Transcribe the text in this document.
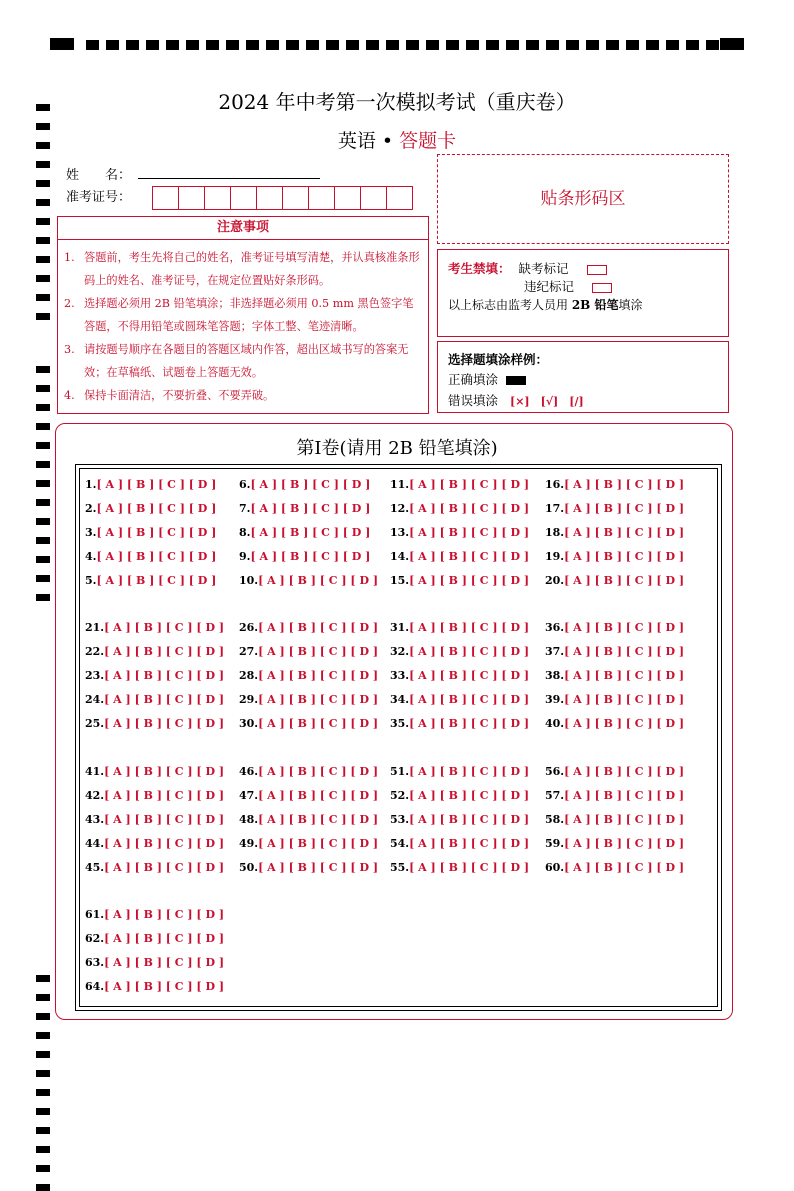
2024 年中考第一次模拟考试（重庆卷）
英语 • 答题卡
姓　　名：
准考证号：
注意事项
1. 答题前，考生先将自己的姓名，准考证号填写清楚，并认真核准条形码上的姓名、准考证号，在规定位置贴好条形码。
2. 选择题必须用 2B 铅笔填涂；非选择题必须用 0.5 mm 黑色签字笔答题，不得用铅笔或圆珠笔答题；字体工整、笔迹清晰。
3. 请按题号顺序在各题目的答题区域内作答，超出区域书写的答案无效；在草稿纸、试题卷上答题无效。
4. 保持卡面清洁，不要折叠、不要弄破。
贴条形码区
考生禁填： 缺考标记
违纪标记
以上标志由监考人员用 2B 铅笔填涂
选择题填涂样例：
正确填涂
错误填涂 [×]　[√]　[/]
第Ⅰ卷(请用 2B 铅笔填涂)
1.[ A ] [ B ] [ C ] [ D ]
2.[ A ] [ B ] [ C ] [ D ]
3.[ A ] [ B ] [ C ] [ D ]
4.[ A ] [ B ] [ C ] [ D ]
5.[ A ] [ B ] [ C ] [ D ]
6.[ A ] [ B ] [ C ] [ D ]
7.[ A ] [ B ] [ C ] [ D ]
8.[ A ] [ B ] [ C ] [ D ]
9.[ A ] [ B ] [ C ] [ D ]
10.[ A ] [ B ] [ C ] [ D ]
11.[ A ] [ B ] [ C ] [ D ]
12.[ A ] [ B ] [ C ] [ D ]
13.[ A ] [ B ] [ C ] [ D ]
14.[ A ] [ B ] [ C ] [ D ]
15.[ A ] [ B ] [ C ] [ D ]
16.[ A ] [ B ] [ C ] [ D ]
17.[ A ] [ B ] [ C ] [ D ]
18.[ A ] [ B ] [ C ] [ D ]
19.[ A ] [ B ] [ C ] [ D ]
20.[ A ] [ B ] [ C ] [ D ]
21.[ A ] [ B ] [ C ] [ D ]
22.[ A ] [ B ] [ C ] [ D ]
23.[ A ] [ B ] [ C ] [ D ]
24.[ A ] [ B ] [ C ] [ D ]
25.[ A ] [ B ] [ C ] [ D ]
26.[ A ] [ B ] [ C ] [ D ]
27.[ A ] [ B ] [ C ] [ D ]
28.[ A ] [ B ] [ C ] [ D ]
29.[ A ] [ B ] [ C ] [ D ]
30.[ A ] [ B ] [ C ] [ D ]
31.[ A ] [ B ] [ C ] [ D ]
32.[ A ] [ B ] [ C ] [ D ]
33.[ A ] [ B ] [ C ] [ D ]
34.[ A ] [ B ] [ C ] [ D ]
35.[ A ] [ B ] [ C ] [ D ]
36.[ A ] [ B ] [ C ] [ D ]
37.[ A ] [ B ] [ C ] [ D ]
38.[ A ] [ B ] [ C ] [ D ]
39.[ A ] [ B ] [ C ] [ D ]
40.[ A ] [ B ] [ C ] [ D ]
41.[ A ] [ B ] [ C ] [ D ]
42.[ A ] [ B ] [ C ] [ D ]
43.[ A ] [ B ] [ C ] [ D ]
44.[ A ] [ B ] [ C ] [ D ]
45.[ A ] [ B ] [ C ] [ D ]
46.[ A ] [ B ] [ C ] [ D ]
47.[ A ] [ B ] [ C ] [ D ]
48.[ A ] [ B ] [ C ] [ D ]
49.[ A ] [ B ] [ C ] [ D ]
50.[ A ] [ B ] [ C ] [ D ]
51.[ A ] [ B ] [ C ] [ D ]
52.[ A ] [ B ] [ C ] [ D ]
53.[ A ] [ B ] [ C ] [ D ]
54.[ A ] [ B ] [ C ] [ D ]
55.[ A ] [ B ] [ C ] [ D ]
56.[ A ] [ B ] [ C ] [ D ]
57.[ A ] [ B ] [ C ] [ D ]
58.[ A ] [ B ] [ C ] [ D ]
59.[ A ] [ B ] [ C ] [ D ]
60.[ A ] [ B ] [ C ] [ D ]
61.[ A ] [ B ] [ C ] [ D ]
62.[ A ] [ B ] [ C ] [ D ]
63.[ A ] [ B ] [ C ] [ D ]
64.[ A ] [ B ] [ C ] [ D ]
